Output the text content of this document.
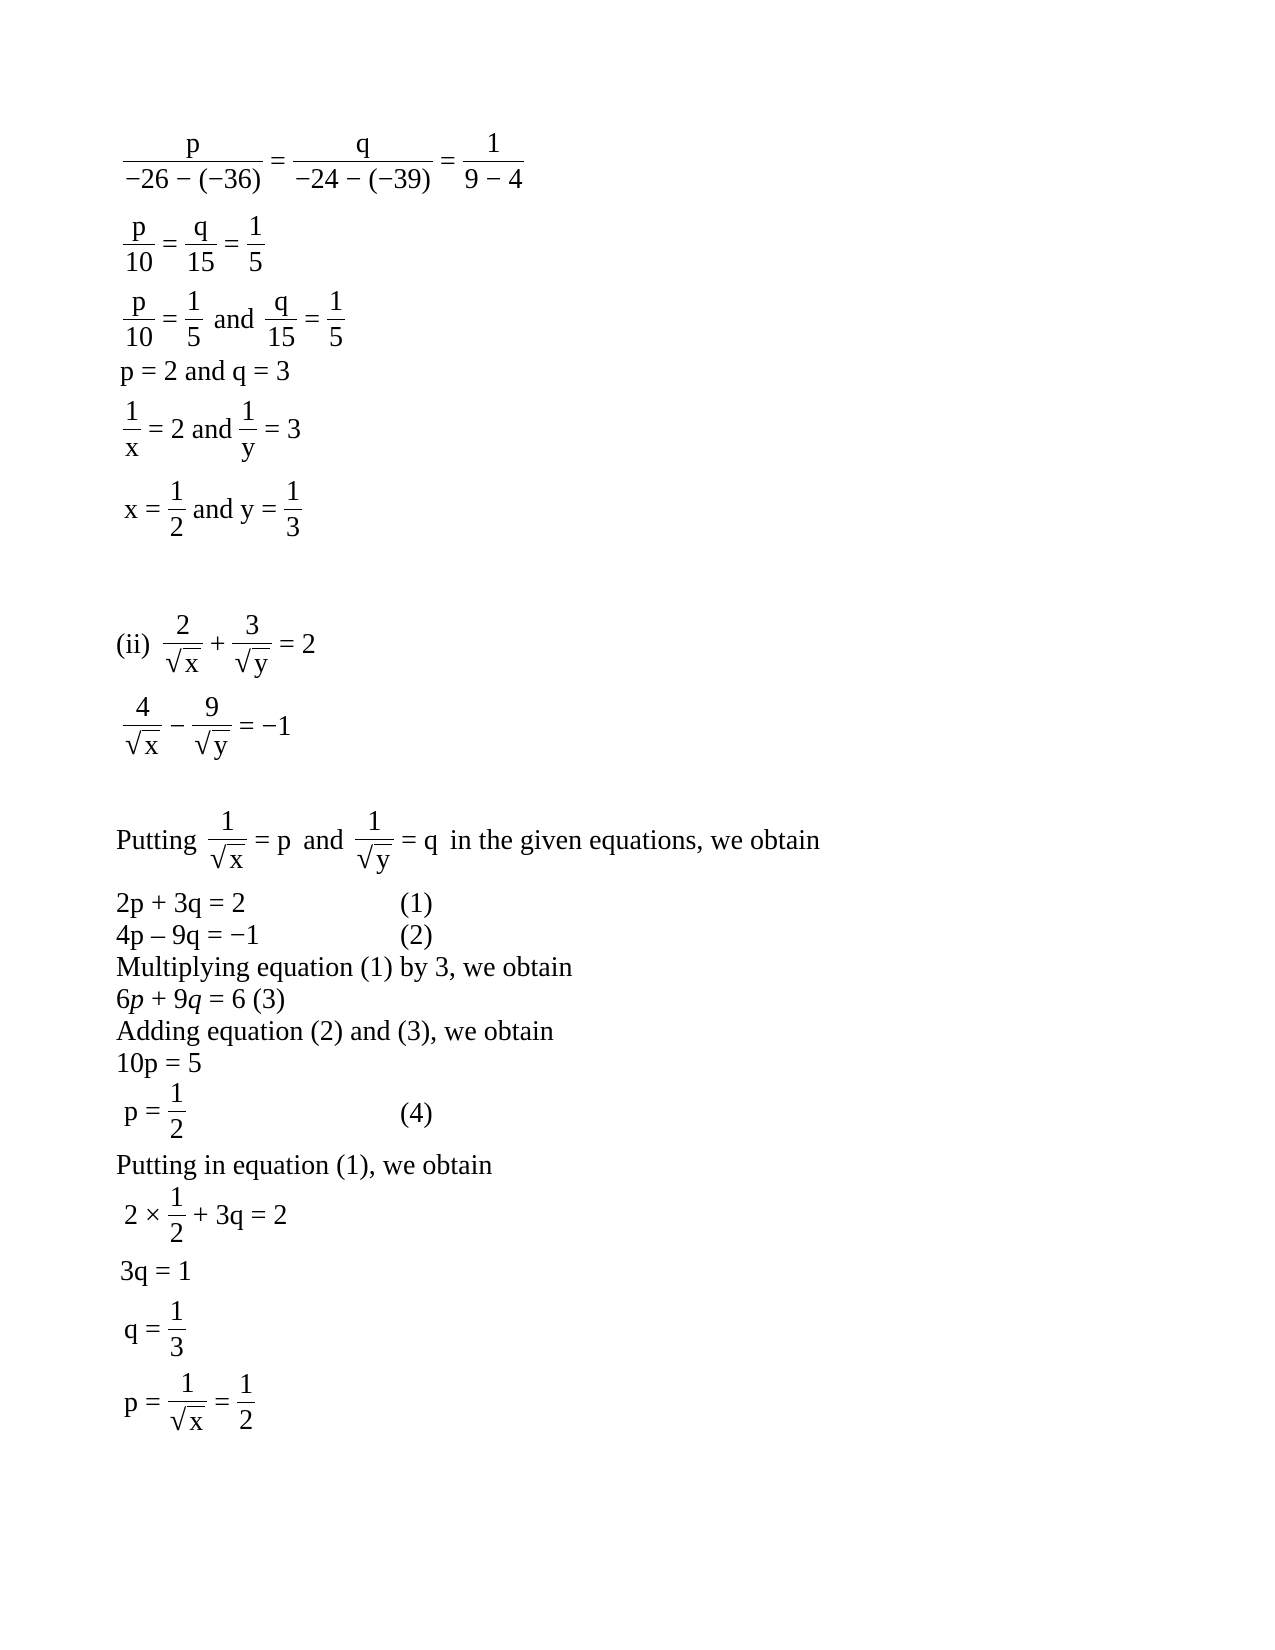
$\frac{p}{-26 - (-36)} = \frac{q}{-24 - (-39)} = \frac{1}{9 - 4}$
$\frac{p}{10} = \frac{q}{15} = \frac{1}{5}$
$\frac{p}{10} = \frac{1}{5}$ and $\frac{q}{15} = \frac{1}{5}$
p = 2 and q = 3
$\frac{1}{x} = 2$ and $\frac{1}{y} = 3$
$x = \frac{1}{2}$ and $y = \frac{1}{3}$
$(ii) \frac{2}{√ x} + \frac{3}{√ y} = 2$
$\frac{4}{√ x} - \frac{9}{√ y} = -1$
Putting $\frac{1}{√ x} = p$ and $\frac{1}{√ y} = q$ in the given equations, we obtain
2p + 3q = 2	(1)
4p – 9q = −1	(2)
Multiplying equation (1) by 3, we obtain
6p + 9q = 6 (3)
Adding equation (2) and (3), we obtain
10p = 5
$p = \frac{1}{2}$	(4)
Putting in equation (1), we obtain
$2 \times \frac{1}{2} + 3q = 2$
3q = 1
$q = \frac{1}{3}$
$p = \frac{1}{√ x} = \frac{1}{2}$
